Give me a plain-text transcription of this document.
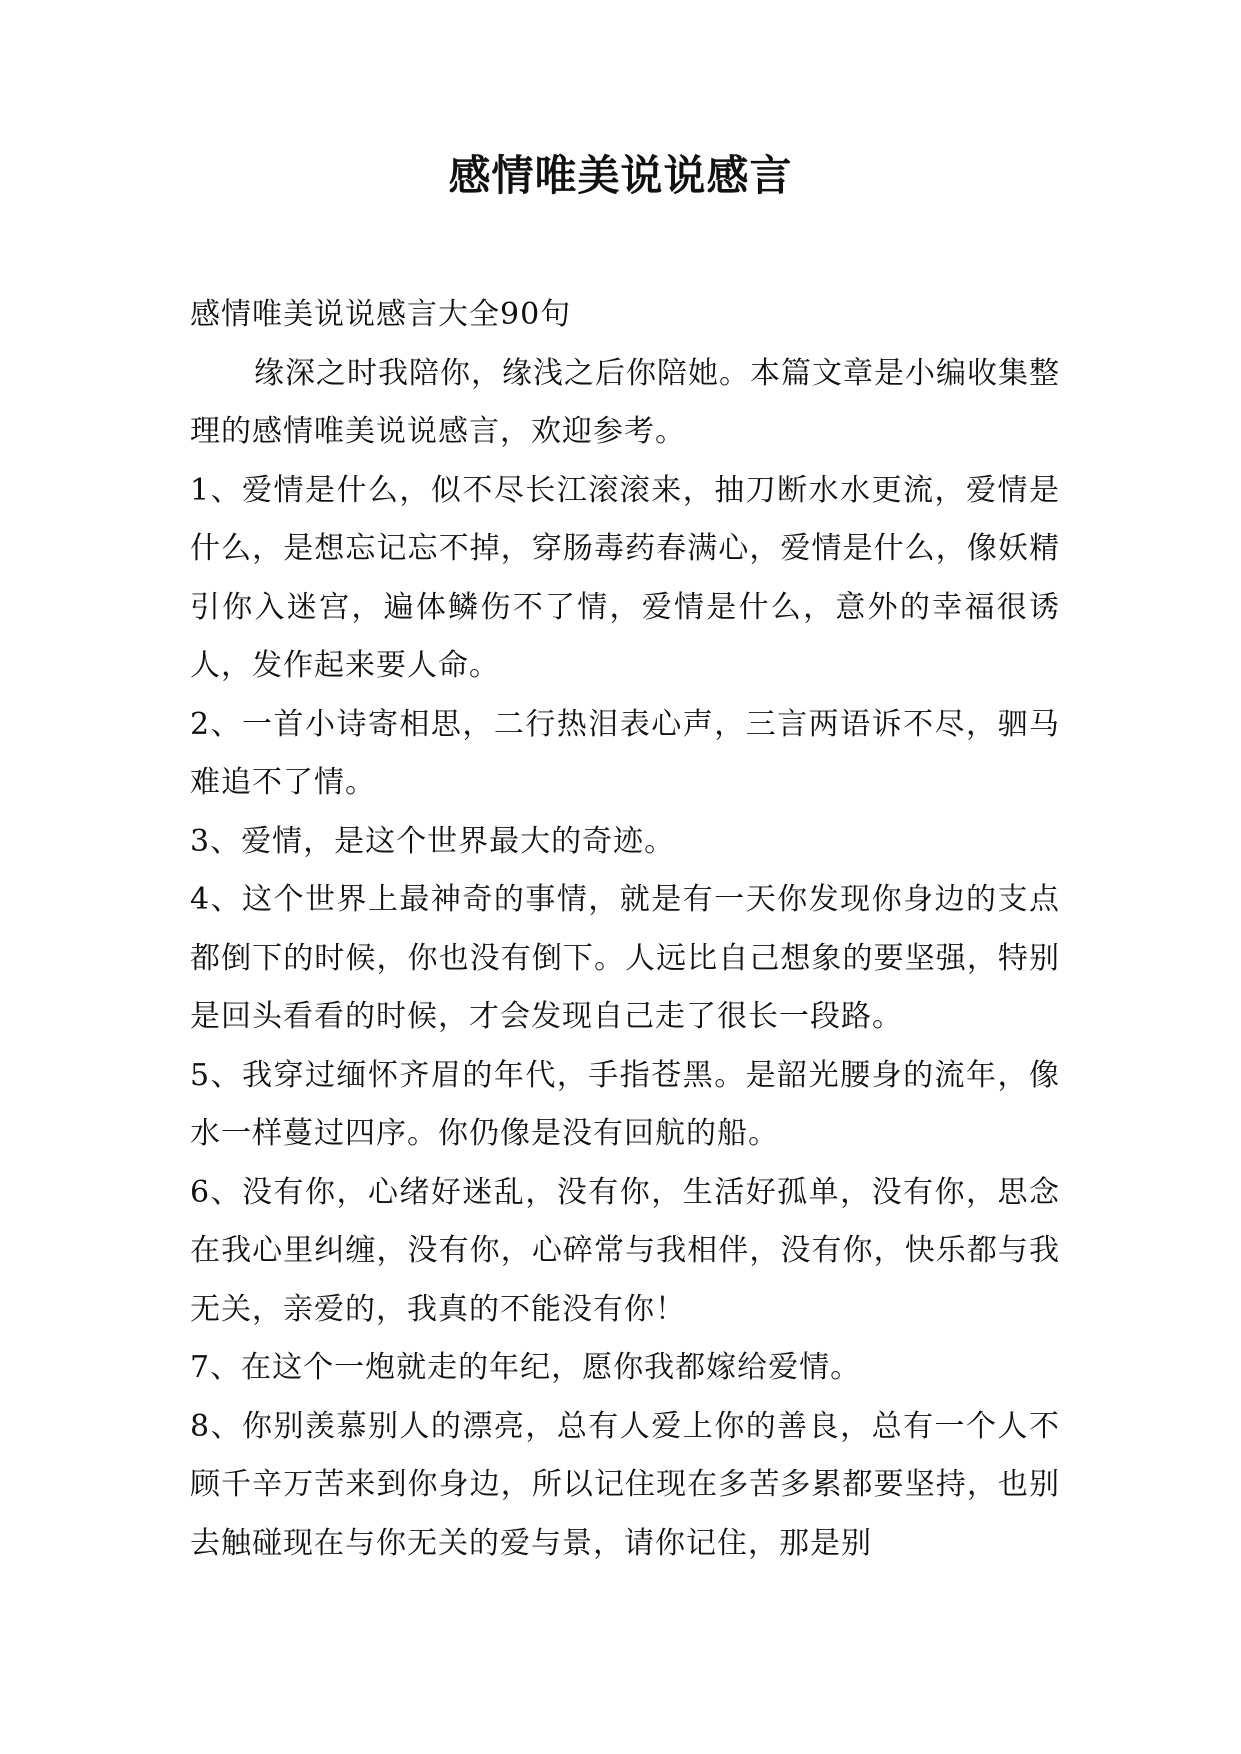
感情唯美说说感言

感情唯美说说感言大全90句

缘深之时我陪你，缘浅之后你陪她。本篇文章是小编收集整理的感情唯美说说感言，欢迎参考。

1、爱情是什么，似不尽长江滚滚来，抽刀断水水更流，爱情是什么，是想忘记忘不掉，穿肠毒药春满心，爱情是什么，像妖精引你入迷宫，遍体鳞伤不了情，爱情是什么，意外的幸福很诱人，发作起来要人命。

2、一首小诗寄相思，二行热泪表心声，三言两语诉不尽，驷马难追不了情。

3、爱情，是这个世界最大的奇迹。

4、这个世界上最神奇的事情，就是有一天你发现你身边的支点都倒下的时候，你也没有倒下。人远比自己想象的要坚强，特别是回头看看的时候，才会发现自己走了很长一段路。

5、我穿过缅怀齐眉的年代，手指苍黑。是韶光腰身的流年，像水一样蔓过四序。你仍像是没有回航的船。

6、没有你，心绪好迷乱，没有你，生活好孤单，没有你，思念在我心里纠缠，没有你，心碎常与我相伴，没有你，快乐都与我无关，亲爱的，我真的不能没有你！

7、在这个一炮就走的年纪，愿你我都嫁给爱情。

8、你别羡慕别人的漂亮，总有人爱上你的善良，总有一个人不顾千辛万苦来到你身边，所以记住现在多苦多累都要坚持，也别去触碰现在与你无关的爱与景，请你记住，那是别
